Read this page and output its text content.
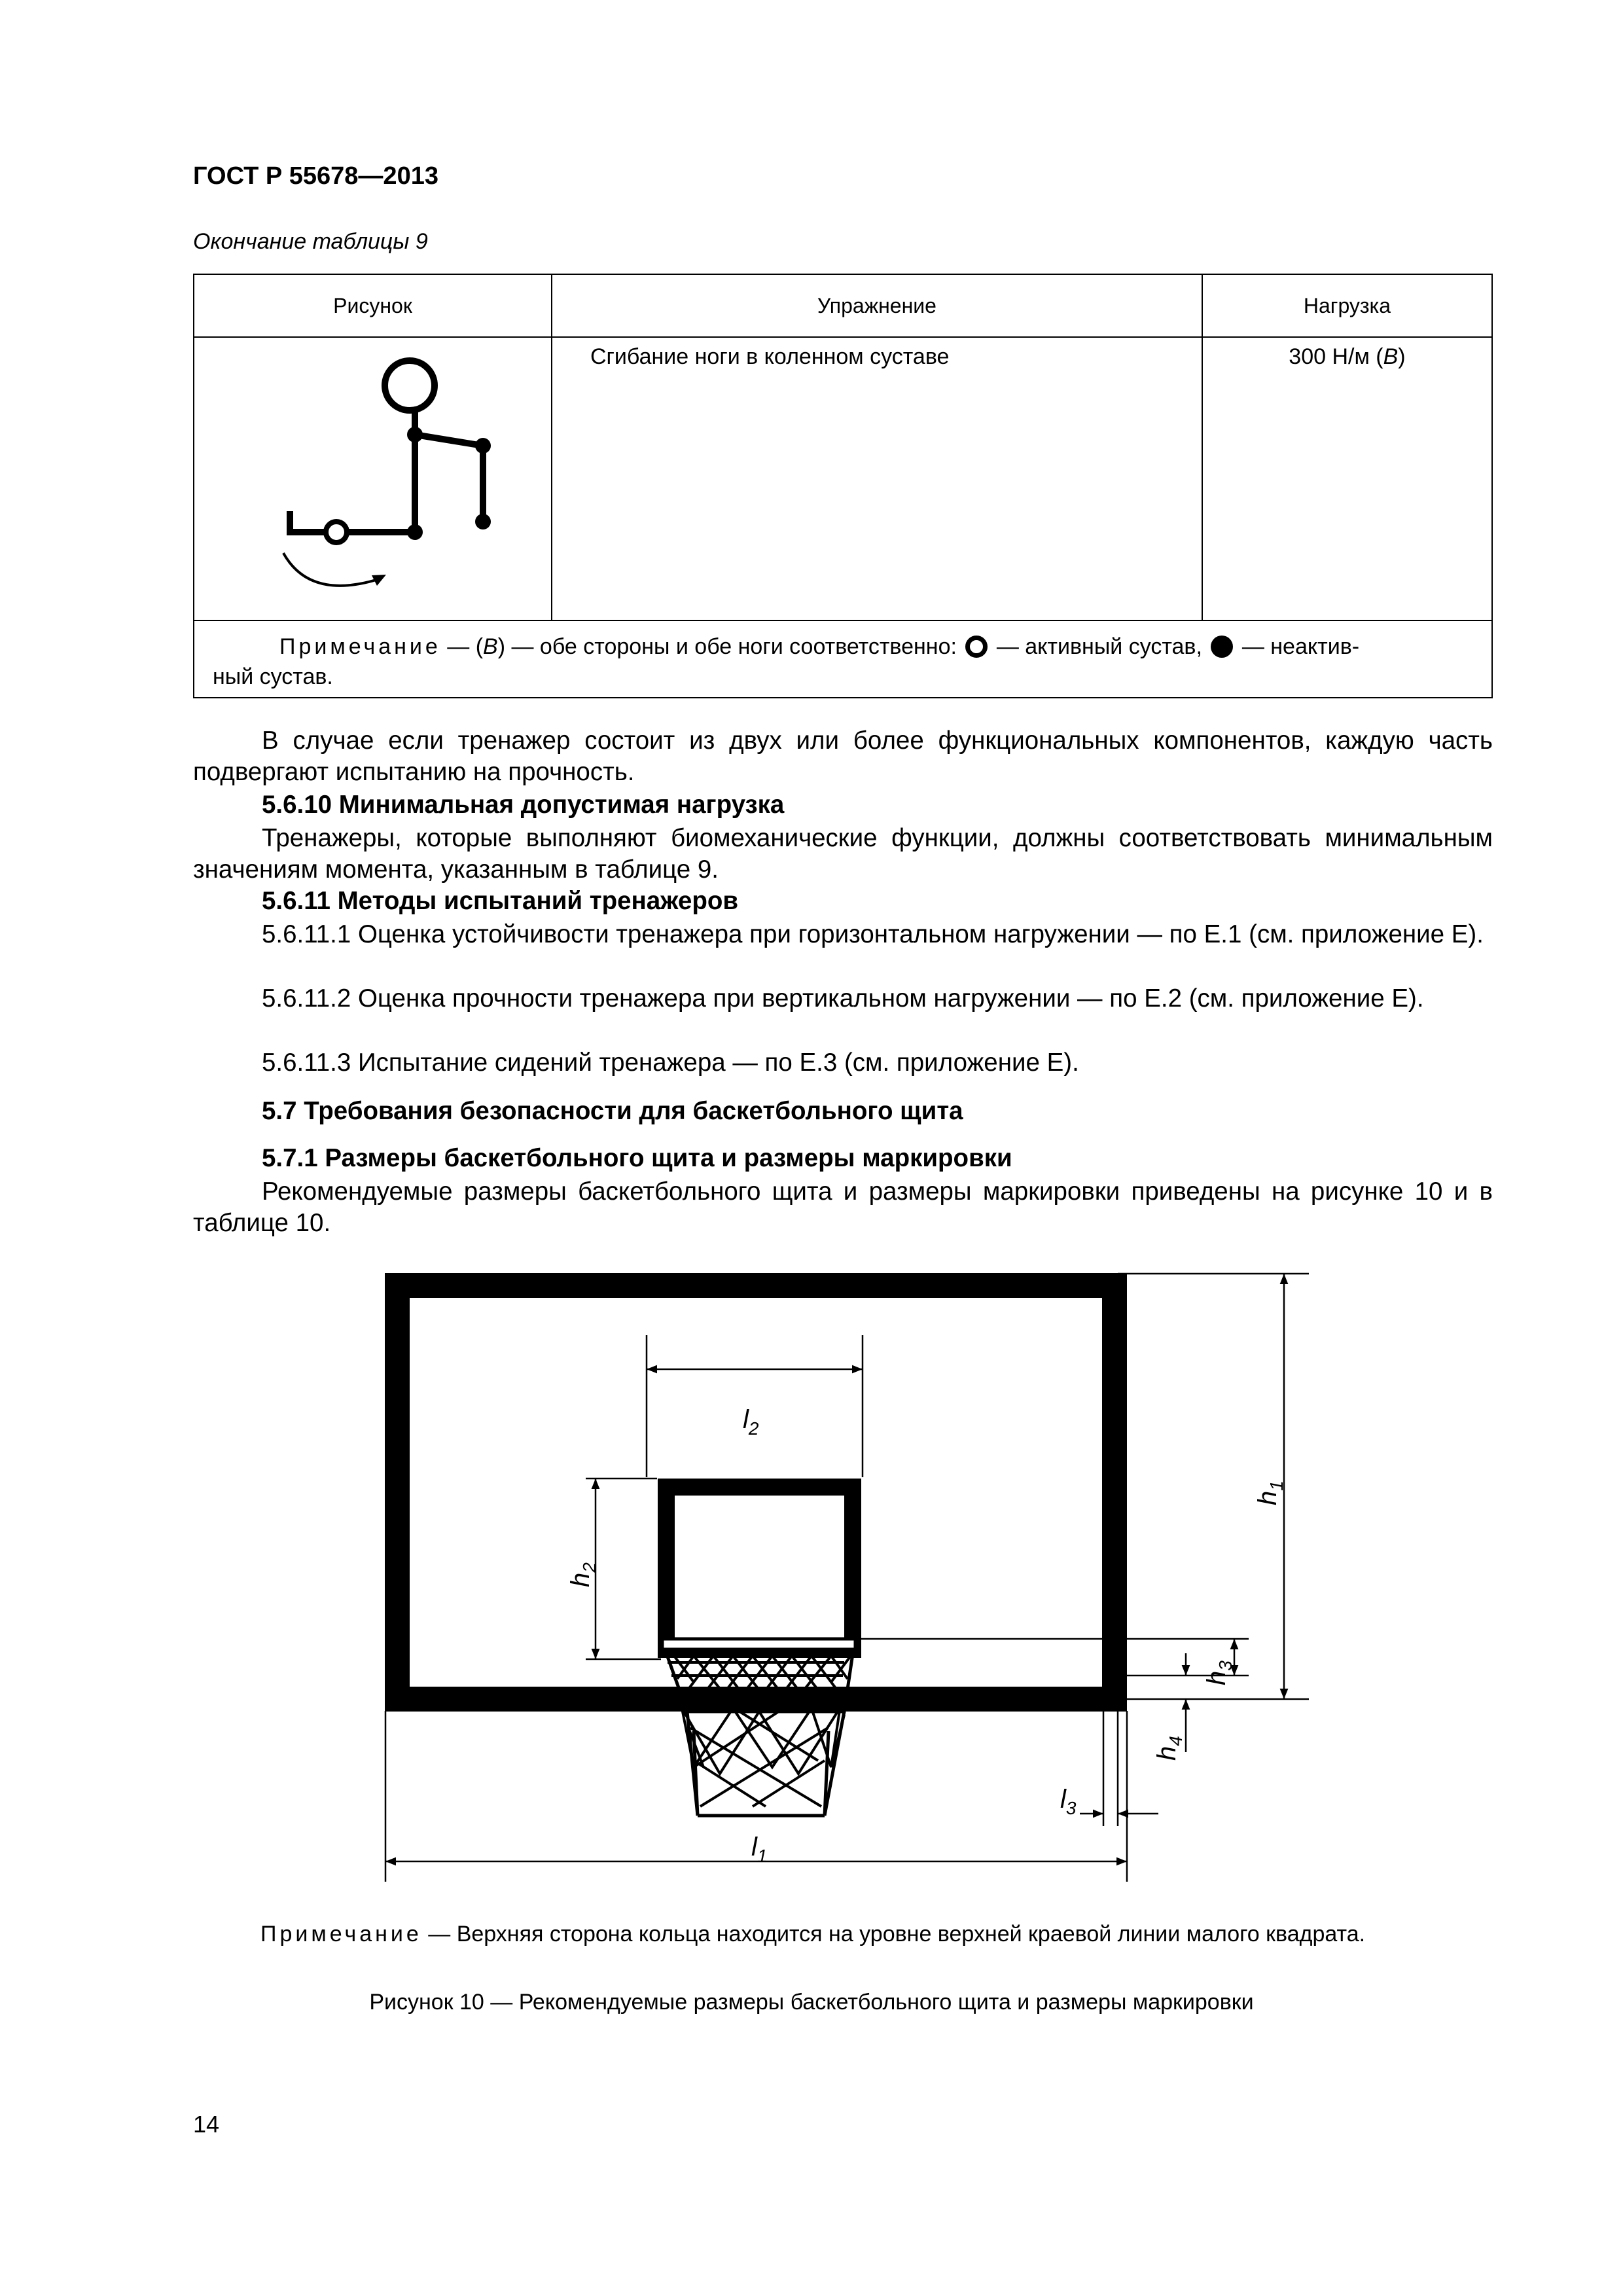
ГОСТ Р 55678—2013
Окончание таблицы 9
Рисунок	Упражнение	Нагрузка
	Сгибание ноги в коленном суставе	300 Н/м (B)
Примечание — (B) — обе стороны и обе ноги соответственно:  — активный сустав,  — неактив-
ный сустав.		
В случае если тренажер состоит из двух или более функциональных компонентов, каждую часть подвергают испытанию на прочность.
5.6.10 Минимальная допустимая нагрузка
Тренажеры, которые выполняют биомеханические функции, должны соответствовать минимальным значениям момента, указанным в таблице 9.
5.6.11 Методы испытаний тренажеров
5.6.11.1 Оценка устойчивости тренажера при горизонтальном нагружении — по Е.1 (см. приложение Е).
5.6.11.2 Оценка прочности тренажера при вертикальном нагружении — по Е.2 (см. приложение Е).
5.6.11.3 Испытание сидений тренажера — по Е.3 (см. приложение Е).
5.7 Требования безопасности для баскетбольного щита
5.7.1 Размеры баскетбольного щита и размеры маркировки
Рекомендуемые размеры баскетбольного щита и размеры маркировки приведены на рисунке 10 и в таблице 10.
$l_2$
$l_1$
$l_3$
$h_1$
$h_2$
$h_3$
$h_4$
Примечание — Верхняя сторона кольца находится на уровне верхней краевой линии малого квадрата.
Рисунок 10 — Рекомендуемые размеры баскетбольного щита и размеры маркировки
14
